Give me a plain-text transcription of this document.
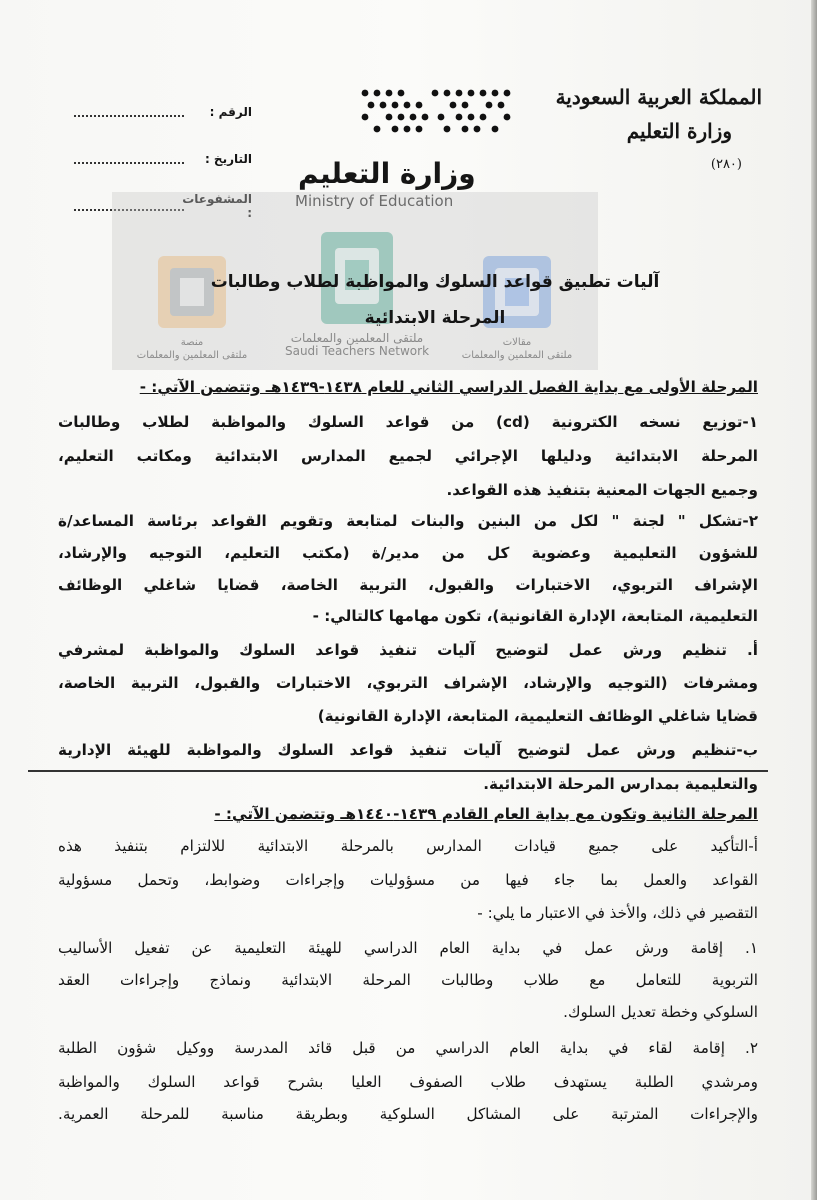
المملكة العربية السعودية
وزارة التعليم
(٢٨٠)
الرقم :
التاريخ :
المشفوعات :
وزارة التعليم
Ministry of Education
منصة
ملتقى المعلمين والمعلمات
ملتقى المعلمين والمعلمات
Saudi Teachers Network
مقالات
ملتقى المعلمين والمعلمات
آليات تطبيق قواعد السلوك والمواظبة لطلاب وطالبات
المرحلة الابتدائية
المرحلة الأولى مع بداية الفصل الدراسي الثاني للعام ١٤٣٨-١٤٣٩هـ وتتضمن الآتي: -
١-توزيع نسخه الكترونية (cd) من قواعد السلوك والمواظبة لطلاب وطالبات
المرحلة الابتدائية ودليلها الإجرائي لجميع المدارس الابتدائية ومكاتب التعليم،
وجميع الجهات المعنية بتنفيذ هذه القواعد.
٢-تشكل " لجنة " لكل من البنين والبنات لمتابعة وتقويم القواعد برئاسة المساعد/ة
للشؤون التعليمية وعضوية كل من مدير/ة (مكتب التعليم، التوجيه والإرشاد،
الإشراف التربوي، الاختبارات والقبول، التربية الخاصة، قضايا شاغلي الوظائف
التعليمية، المتابعة، الإدارة القانونية)، تكون مهامها كالتالي: -
أ. تنظيم ورش عمل لتوضيح آليات تنفيذ قواعد السلوك والمواظبة لمشرفي
ومشرفات (التوجيه والإرشاد، الإشراف التربوي، الاختبارات والقبول، التربية الخاصة،
قضايا شاغلي الوظائف التعليمية، المتابعة، الإدارة القانونية)
ب-تنظيم ورش عمل لتوضيح آليات تنفيذ قواعد السلوك والمواظبة للهيئة الإدارية
والتعليمية بمدارس المرحلة الابتدائية.
المرحلة الثانية وتكون مع بداية العام القادم ١٤٣٩-١٤٤٠هـ وتتضمن الآتي: -
أ-التأكيد على جميع قيادات المدارس بالمرحلة الابتدائية للالتزام بتنفيذ هذه
القواعد والعمل بما جاء فيها من مسؤوليات وإجراءات وضوابط، وتحمل مسؤولية
التقصير في ذلك، والأخذ في الاعتبار ما يلي: -
١. إقامة ورش عمل في بداية العام الدراسي للهيئة التعليمية عن تفعيل الأساليب
التربوية للتعامل مع طلاب وطالبات المرحلة الابتدائية ونماذج وإجراءات العقد
السلوكي وخطة تعديل السلوك.
٢. إقامة لقاء في بداية العام الدراسي من قبل قائد المدرسة ووكيل شؤون الطلبة
ومرشدي الطلبة يستهدف طلاب الصفوف العليا بشرح قواعد السلوك والمواظبة
والإجراءات المترتبة على المشاكل السلوكية وبطريقة مناسبة للمرحلة العمرية.
